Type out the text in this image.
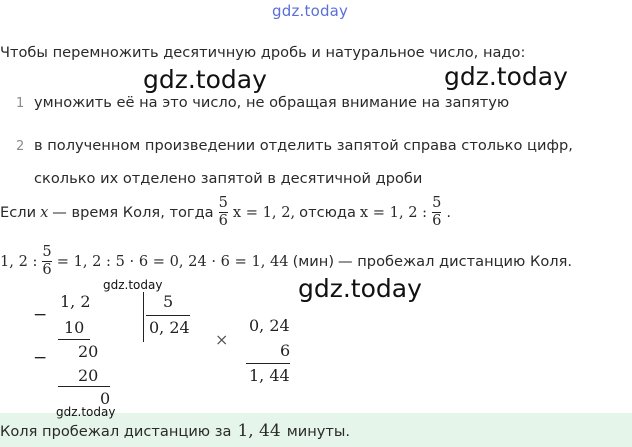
gdz.today
gdz.today	gdz.today
gdz.today
gdz.today
Чтобы перемножить десятичную дробь и натуральное число, надо:
1 умножить её на это число, не обращая внимание на запятую
2 в полученном произведении отделить запятой справа столько цифр,
сколько их отделено запятой в десятичной дроби
Если x — время Коля, тогда $\frac{5}{6}$ x = 1, 2, отсюда x = 1, 2 : $\frac{5}{6}$ .
1, 2 : $\frac{5}{6} = 1$, 2 : 5 · 6 = 0, 24 · 6 = 1, 44 (мин) — пробежал дистанцию Коля.
−
1, 2
10
− 20
20
0
5
0, 24
×
0, 24
6
1, 44
gdz.today
Коля пробежал дистанцию за 1, 44 минуты.
